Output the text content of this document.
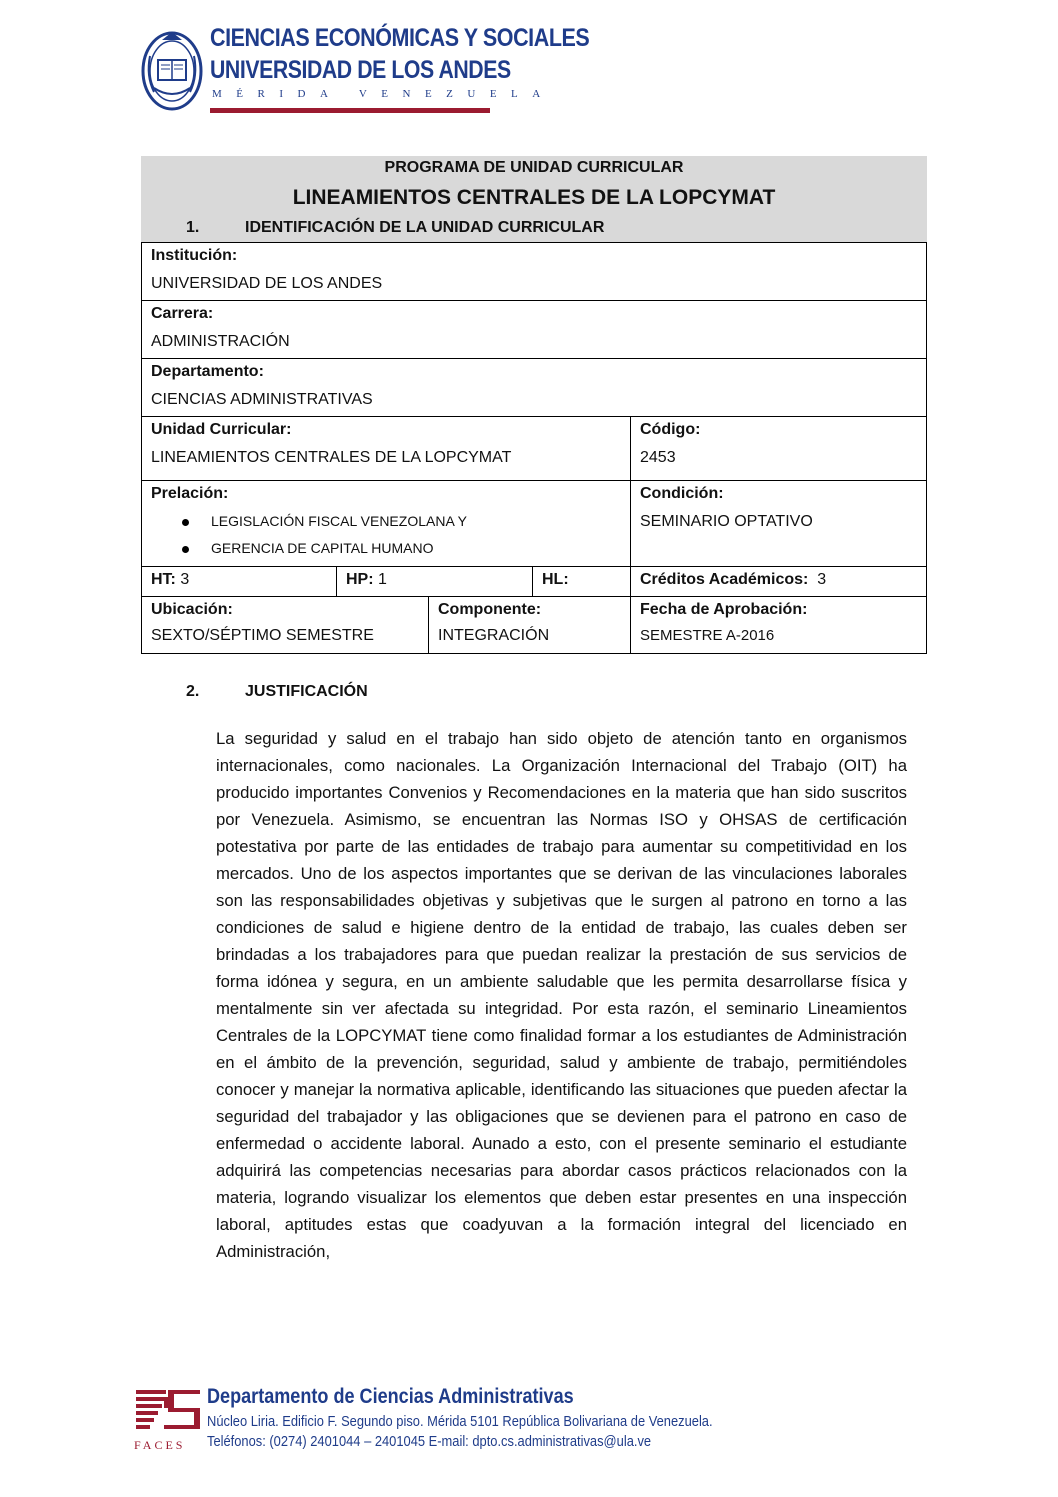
CIENCIAS ECONÓMICAS Y SOCIALES
UNIVERSIDAD DE LOS ANDES
MÉRIDA VENEZUELA
PROGRAMA DE UNIDAD CURRICULAR
LINEAMIENTOS CENTRALES DE LA LOPCYMAT
1.	IDENTIFICACIÓN DE LA UNIDAD CURRICULAR
Institución:
UNIVERSIDAD DE LOS ANDES
Carrera:
ADMINISTRACIÓN
Departamento:
CIENCIAS ADMINISTRATIVAS
Unidad Curricular:
LINEAMIENTOS CENTRALES DE LA LOPCYMAT
Código:
2453
Prelación:
LEGISLACIÓN FISCAL VENEZOLANA Y
GERENCIA DE CAPITAL HUMANO
Condición:
SEMINARIO OPTATIVO
HT: 3	HP: 1	HL:	Créditos Académicos: 3
Ubicación:
SEXTO/SÉPTIMO SEMESTRE
Componente:
INTEGRACIÓN
Fecha de Aprobación:
SEMESTRE A-2016
2.	JUSTIFICACIÓN
La seguridad y salud en el trabajo han sido objeto de atención tanto en organismos internacionales, como nacionales. La Organización Internacional del Trabajo (OIT) ha producido importantes Convenios y Recomendaciones en la materia que han sido suscritos por Venezuela. Asimismo, se encuentran las Normas ISO y OHSAS de certificación potestativa por parte de las entidades de trabajo para aumentar su competitividad en los mercados. Uno de los aspectos importantes que se derivan de las vinculaciones laborales son las responsabilidades objetivas y subjetivas que le surgen al patrono en torno a las condiciones de salud e higiene dentro de la entidad de trabajo, las cuales deben ser brindadas a los trabajadores para que puedan realizar la prestación de sus servicios de forma idónea y segura, en un ambiente saludable que les permita desarrollarse física y mentalmente sin ver afectada su integridad. Por esta razón, el seminario Lineamientos Centrales de la LOPCYMAT tiene como finalidad formar a los estudiantes de Administración en el ámbito de la prevención, seguridad, salud y ambiente de trabajo, permitiéndoles conocer y manejar la normativa aplicable, identificando las situaciones que pueden afectar la seguridad del trabajador y las obligaciones que se devienen para el patrono en caso de enfermedad o accidente laboral. Aunado a esto, con el presente seminario el estudiante adquirirá las competencias necesarias para abordar casos prácticos relacionados con la materia, logrando visualizar los elementos que deben estar presentes en una inspección laboral, aptitudes estas que coadyuvan a la formación integral del licenciado en Administración,
FACES
Departamento de Ciencias Administrativas
Núcleo Liria. Edificio F. Segundo piso. Mérida 5101 República Bolivariana de Venezuela.
Teléfonos: (0274) 2401044 – 2401045 E-mail: dpto.cs.administrativas@ula.ve
